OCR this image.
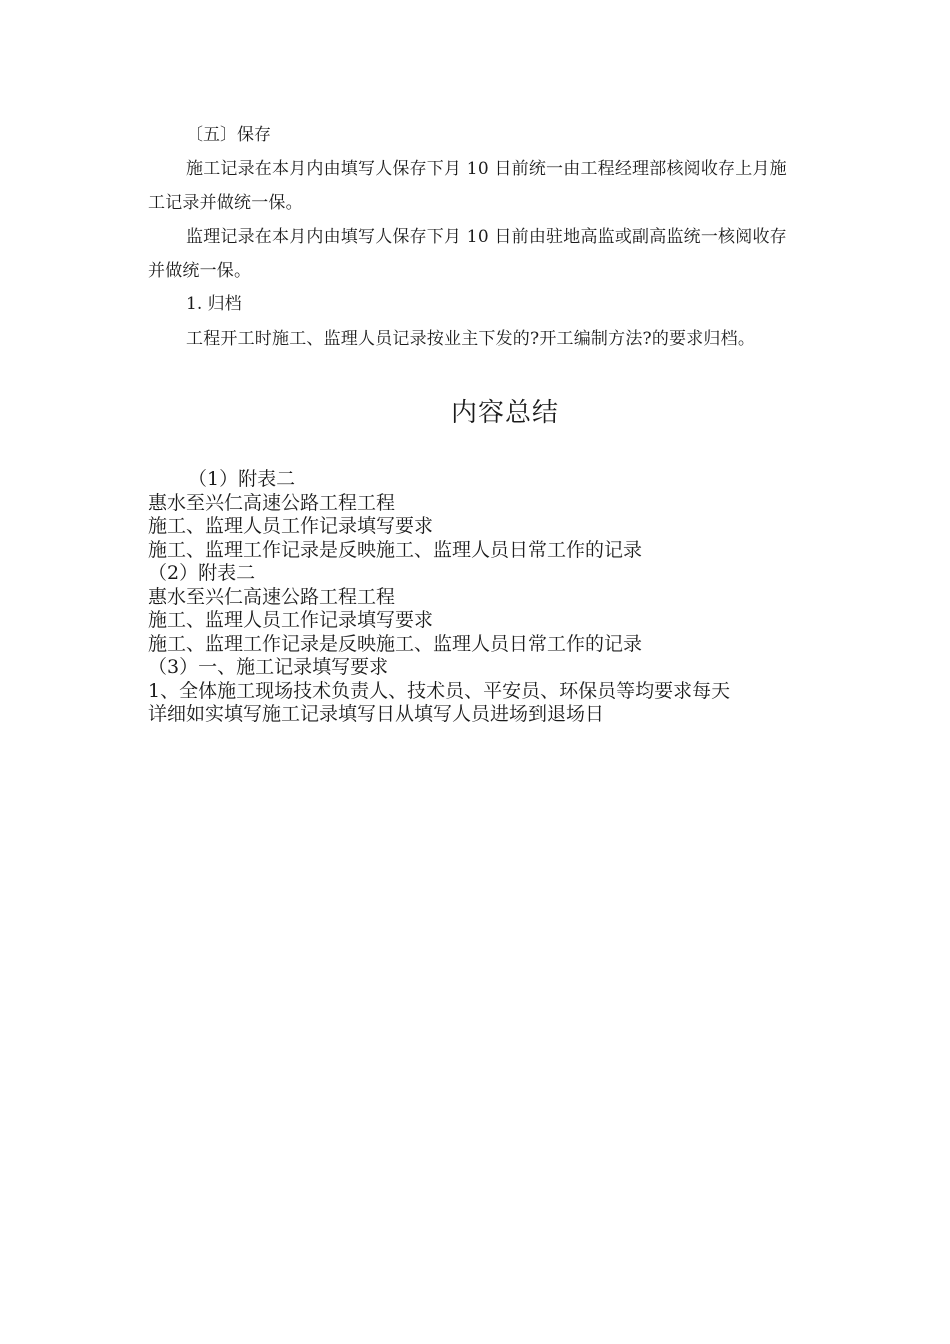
〔五〕保存

施工记录在本月内由填写人保存下月 10 日前统一由工程经理部核阅收存上月施工记录并做统一保。

监理记录在本月内由填写人保存下月 10 日前由驻地高监或副高监统一核阅收存并做统一保。

1. 归档

工程开工时施工、监理人员记录按业主下发的?开工编制方法?的要求归档。

内容总结
（1）附表二
惠水至兴仁高速公路工程工程
施工、监理人员工作记录填写要求
施工、监理工作记录是反映施工、监理人员日常工作的记录
（2）附表二
惠水至兴仁高速公路工程工程
施工、监理人员工作记录填写要求
施工、监理工作记录是反映施工、监理人员日常工作的记录
（3）一、施工记录填写要求
1、全体施工现场技术负责人、技术员、平安员、环保员等均要求每天
详细如实填写施工记录填写日从填写人员进场到退场日
